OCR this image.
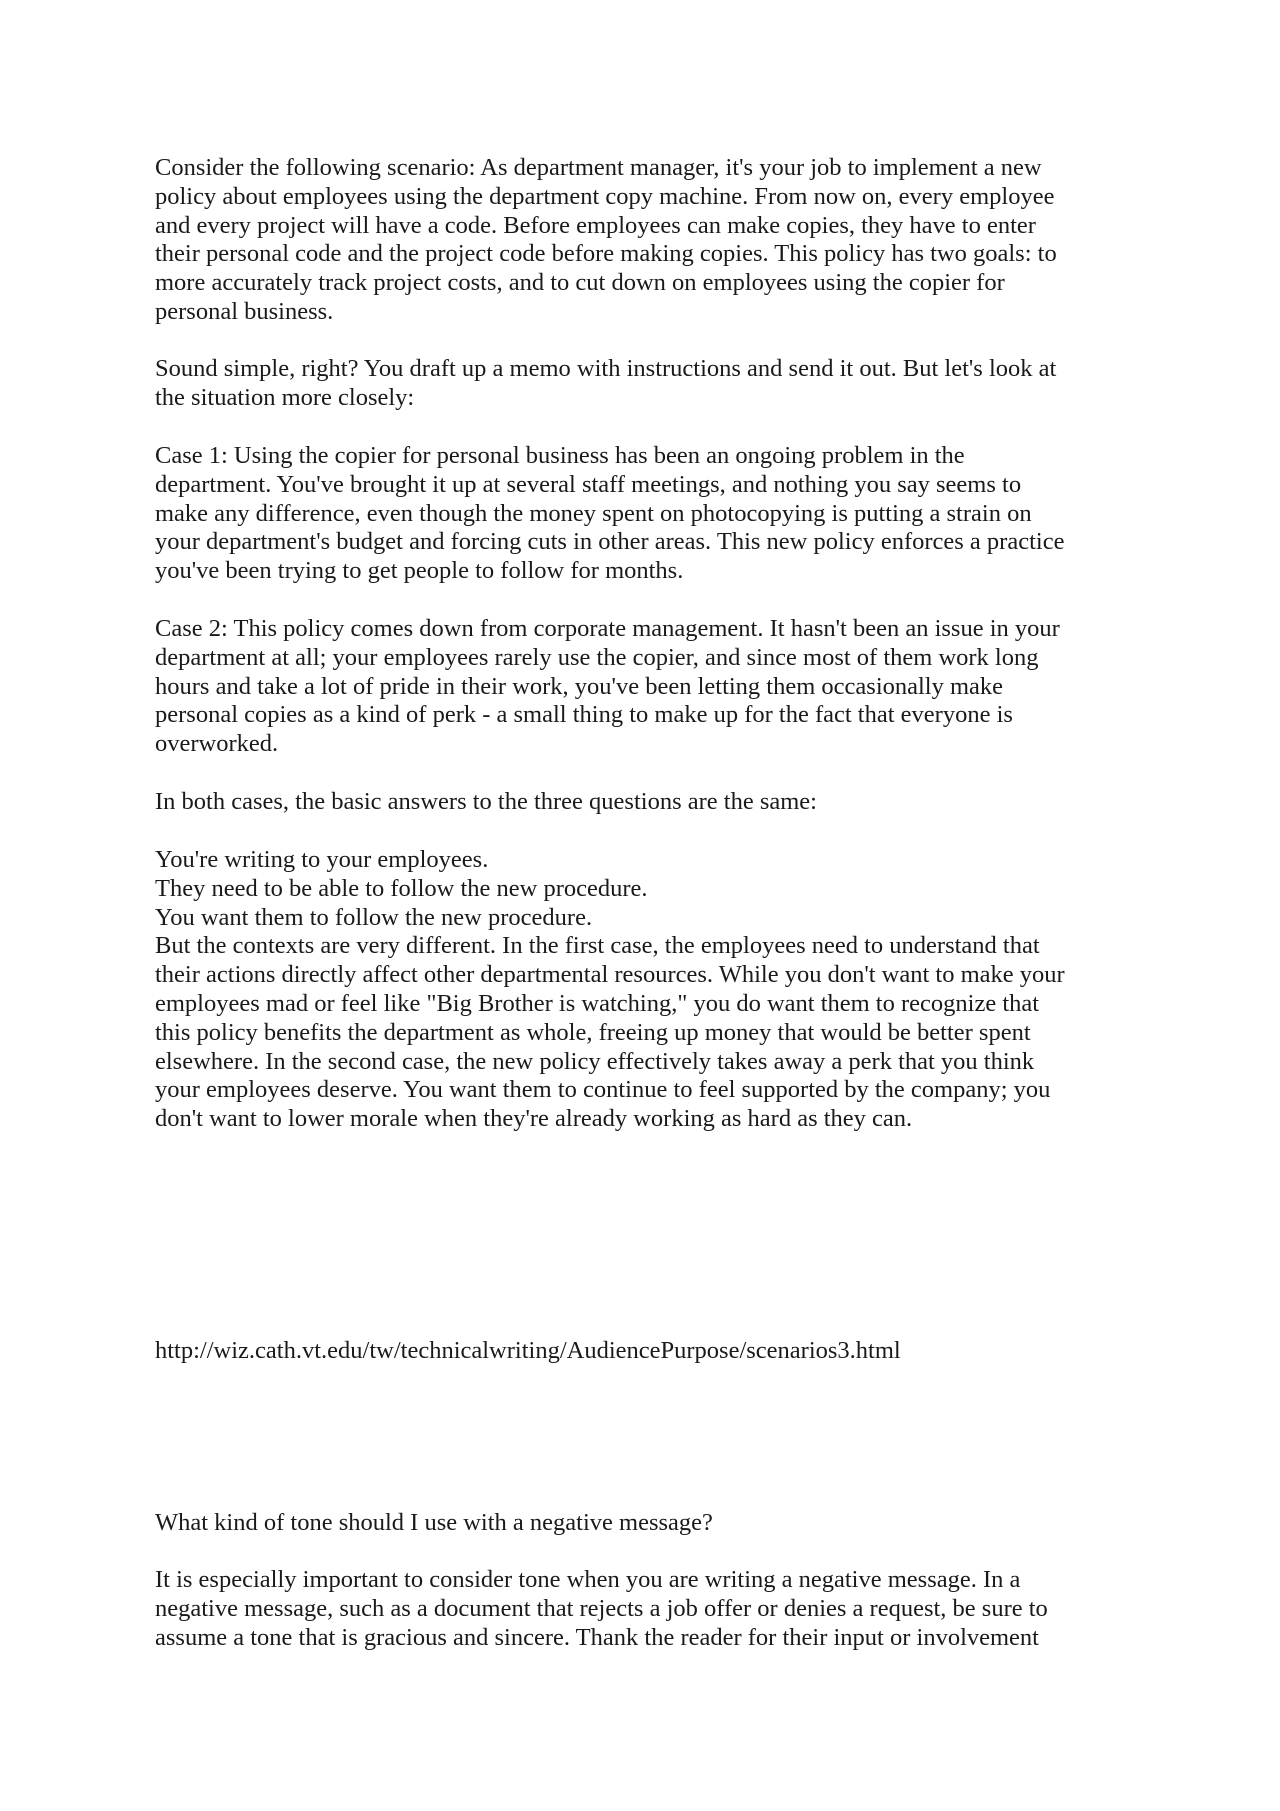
Consider the following scenario: As department manager, it's your job to implement a new
policy about employees using the department copy machine. From now on, every employee
and every project will have a code. Before employees can make copies, they have to enter
their personal code and the project code before making copies. This policy has two goals: to
more accurately track project costs, and to cut down on employees using the copier for
personal business.

Sound simple, right? You draft up a memo with instructions and send it out. But let's look at
the situation more closely:

Case 1: Using the copier for personal business has been an ongoing problem in the
department. You've brought it up at several staff meetings, and nothing you say seems to
make any difference, even though the money spent on photocopying is putting a strain on
your department's budget and forcing cuts in other areas. This new policy enforces a practice
you've been trying to get people to follow for months.

Case 2: This policy comes down from corporate management. It hasn't been an issue in your
department at all; your employees rarely use the copier, and since most of them work long
hours and take a lot of pride in their work, you've been letting them occasionally make
personal copies as a kind of perk - a small thing to make up for the fact that everyone is
overworked.

In both cases, the basic answers to the three questions are the same:

You're writing to your employees.
They need to be able to follow the new procedure.
You want them to follow the new procedure.

But the contexts are very different. In the first case, the employees need to understand that
their actions directly affect other departmental resources. While you don't want to make your
employees mad or feel like "Big Brother is watching," you do want them to recognize that
this policy benefits the department as whole, freeing up money that would be better spent
elsewhere. In the second case, the new policy effectively takes away a perk that you think
your employees deserve. You want them to continue to feel supported by the company; you
don't want to lower morale when they're already working as hard as they can.

http://wiz.cath.vt.edu/tw/technicalwriting/AudiencePurpose/scenarios3.html

What kind of tone should I use with a negative message?

It is especially important to consider tone when you are writing a negative message. In a
negative message, such as a document that rejects a job offer or denies a request, be sure to
assume a tone that is gracious and sincere. Thank the reader for their input or involvement
